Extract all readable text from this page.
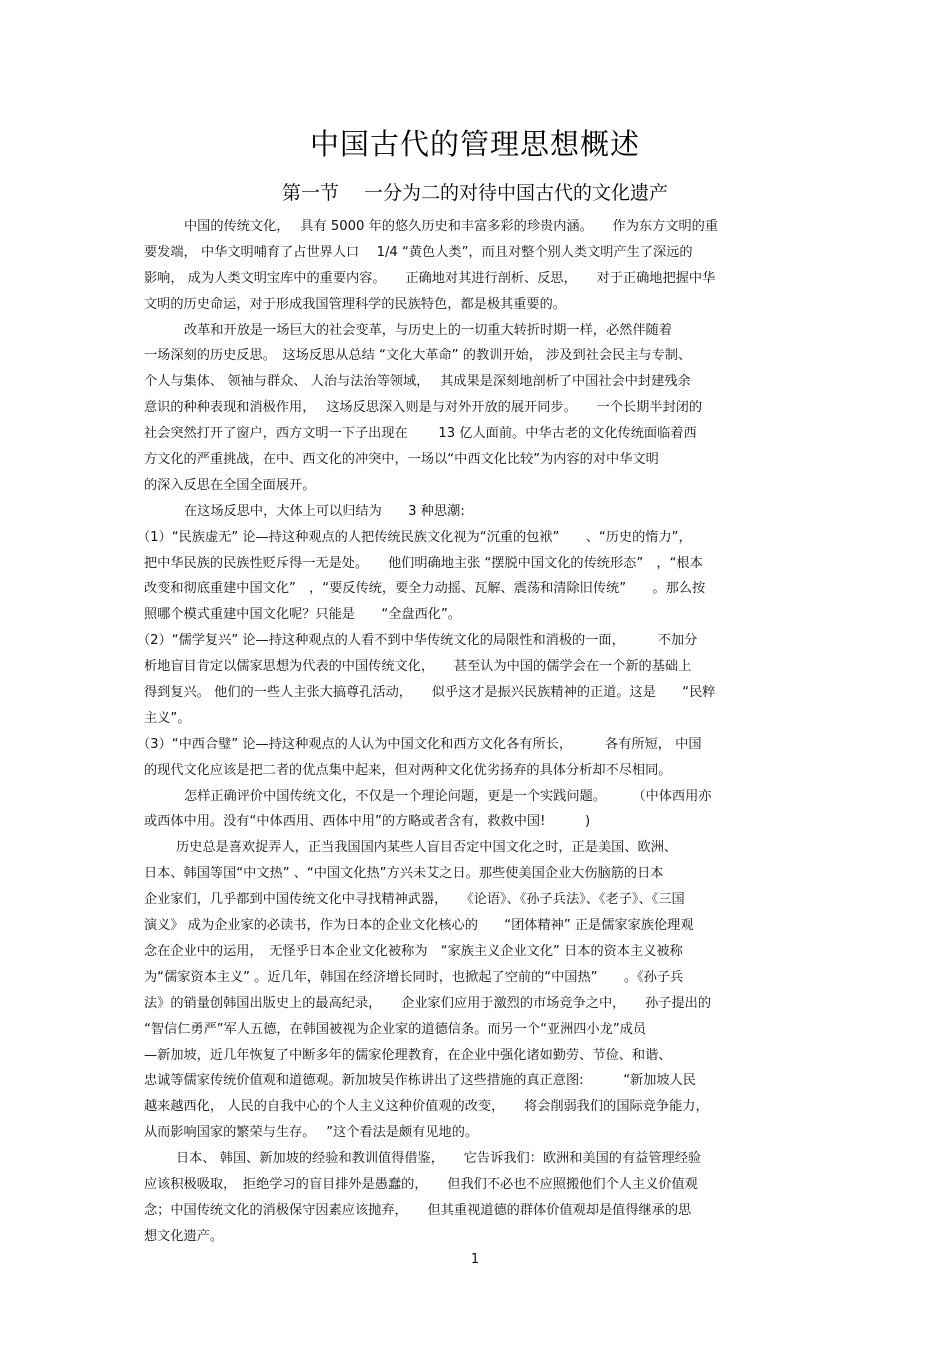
中国古代的管理思想概述
第一节　 一分为二的对待中国古代的文化遗产
中国的传统文化，　 具有 5000 年的悠久历史和丰富多彩的珍贵内涵。　　作为东方文明的重
要发端， 中华文明哺育了占世界人口　 1/4 “黄色人类”，而且对整个别人类文明产生了深远的
影响， 成为人类文明宝库中的重要内容。　　正确地对其进行剖析、反思，　　对于正确地把握中华
文明的历史命运，对于形成我国管理科学的民族特色，都是极其重要的。
改革和开放是一场巨大的社会变革，与历史上的一切重大转折时期一样，必然伴随着
一场深刻的历史反思。　这场反思从总结 “文化大革命” 的教训开始， 涉及到社会民主与专制、
个人与集体、 领袖与群众、 人治与法治等领域，　 其成果是深刻地剖析了中国社会中封建残余
意识的种种表现和消极作用，　 这场反思深入则是与对外开放的展开同步。　　一个长期半封闭的
社会突然打开了窗户，西方文明一下子出现在　　 13 亿人面前。中华古老的文化传统面临着西
方文化的严重挑战，在中、西文化的冲突中，一场以“中西文化比较”为内容的对中华文明
的深入反思在全国全面展开。
在这场反思中，大体上可以归结为　　3 种思潮:
（1）“民族虚无” 论—持这种观点的人把传统民族文化视为“沉重的包袱”　　、“历史的惰力”，
把中华民族的民族性贬斥得一无是处。　　他们明确地主张 “摆脱中国文化的传统形态”　，“根本
改变和彻底重建中国文化”　，“要反传统，要全力动摇、瓦解、震荡和清除旧传统”　　。那么按
照哪个模式重建中国文化呢？只能是　　“全盘西化”。
（2）“儒学复兴” 论—持这种观点的人看不到中华传统文化的局限性和消极的一面，　　　不加分
析地盲目肯定以儒家思想为代表的中国传统文化，　　甚至认为中国的儒学会在一个新的基础上
得到复兴。 他们的一些人主张大搞尊孔活动，　　似乎这才是振兴民族精神的正道。这是　　“民粹
主义”。
（3）“中西合璧” 论—持这种观点的人认为中国文化和西方文化各有所长，　　　各有所短， 中国
的现代文化应该是把二者的优点集中起来，但对两种文化优劣扬弃的具体分析却不尽相同。
怎样正确评价中国传统文化，不仅是一个理论问题，更是一个实践问题。　　　（中体西用亦
或西体中用。没有“中体西用、西体中用”的方略或者含有，救救中国!　　　)
历史总是喜欢捉弄人，正当我国国内某些人盲目否定中国文化之时，正是美国、欧洲、
日本、韩国等国“中文热” 、“中国文化热”方兴未艾之日。那些使美国企业大伤脑筋的日本
企业家们，几乎都到中国传统文化中寻找精神武器，　　《论语》、《孙子兵法》、《老子》、《三国
演义》 成为企业家的必读书，作为日本的企业文化核心的　　“团体精神” 正是儒家家族伦理观
念在企业中的运用，　无怪乎日本企业文化被称为　“家族主义企业文化” 日本的资本主义被称
为“儒家资本主义” 。近几年，韩国在经济增长同时，也掀起了空前的“中国热”　　。《孙子兵
法》的销量创韩国出版史上的最高纪录，　　企业家们应用于激烈的市场竞争之中，　　孙子提出的
“智信仁勇严”军人五德，在韩国被视为企业家的道德信条。而另一个“亚洲四小龙”成员
—新加坡，近几年恢复了中断多年的儒家伦理教育，在企业中强化诸如勤劳、节俭、和谐、
忠诚等儒家传统价值观和道德观。新加坡吴作栋讲出了这些措施的真正意图:　　　“新加坡人民
越来越西化， 人民的自我中心的个人主义这种价值观的改变，　　将会削弱我们的国际竞争能力，
从而影响国家的繁荣与生存。　 ”这个看法是颇有见地的。
日本、 韩国、新加坡的经验和教训值得借鉴，　　它告诉我们：欧洲和美国的有益管理经验
应该积极吸取，　拒绝学习的盲目排外是愚蠢的，　　但我们不必也不应照搬他们个人主义价值观
念；中国传统文化的消极保守因素应该抛弃，　　但其重视道德的群体价值观却是值得继承的思
想文化遗产。
1
